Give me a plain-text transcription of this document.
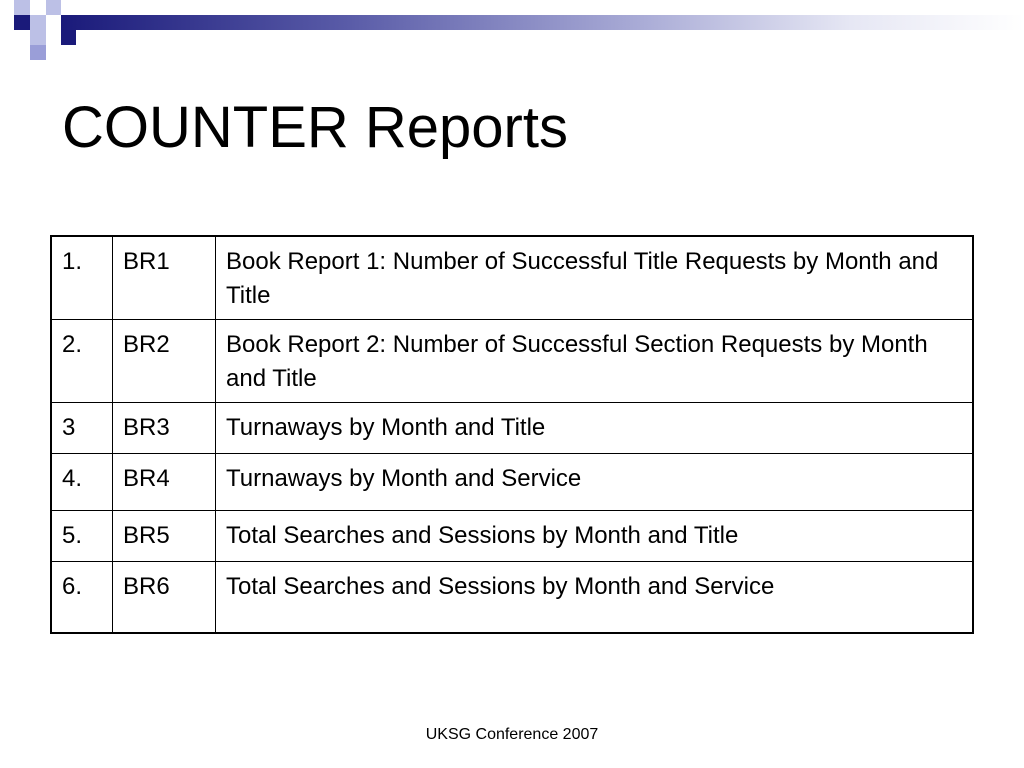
COUNTER Reports
1.	BR1	Book Report 1: Number of Successful Title Requests by Month and Title
2.	BR2	Book Report 2: Number of Successful Section Requests by Month and Title
3	BR3	Turnaways by Month and Title
4.	BR4	Turnaways by Month and Service
5.	BR5	Total Searches and Sessions by Month and Title
6.	BR6	Total Searches and Sessions by Month and Service
UKSG Conference 2007
